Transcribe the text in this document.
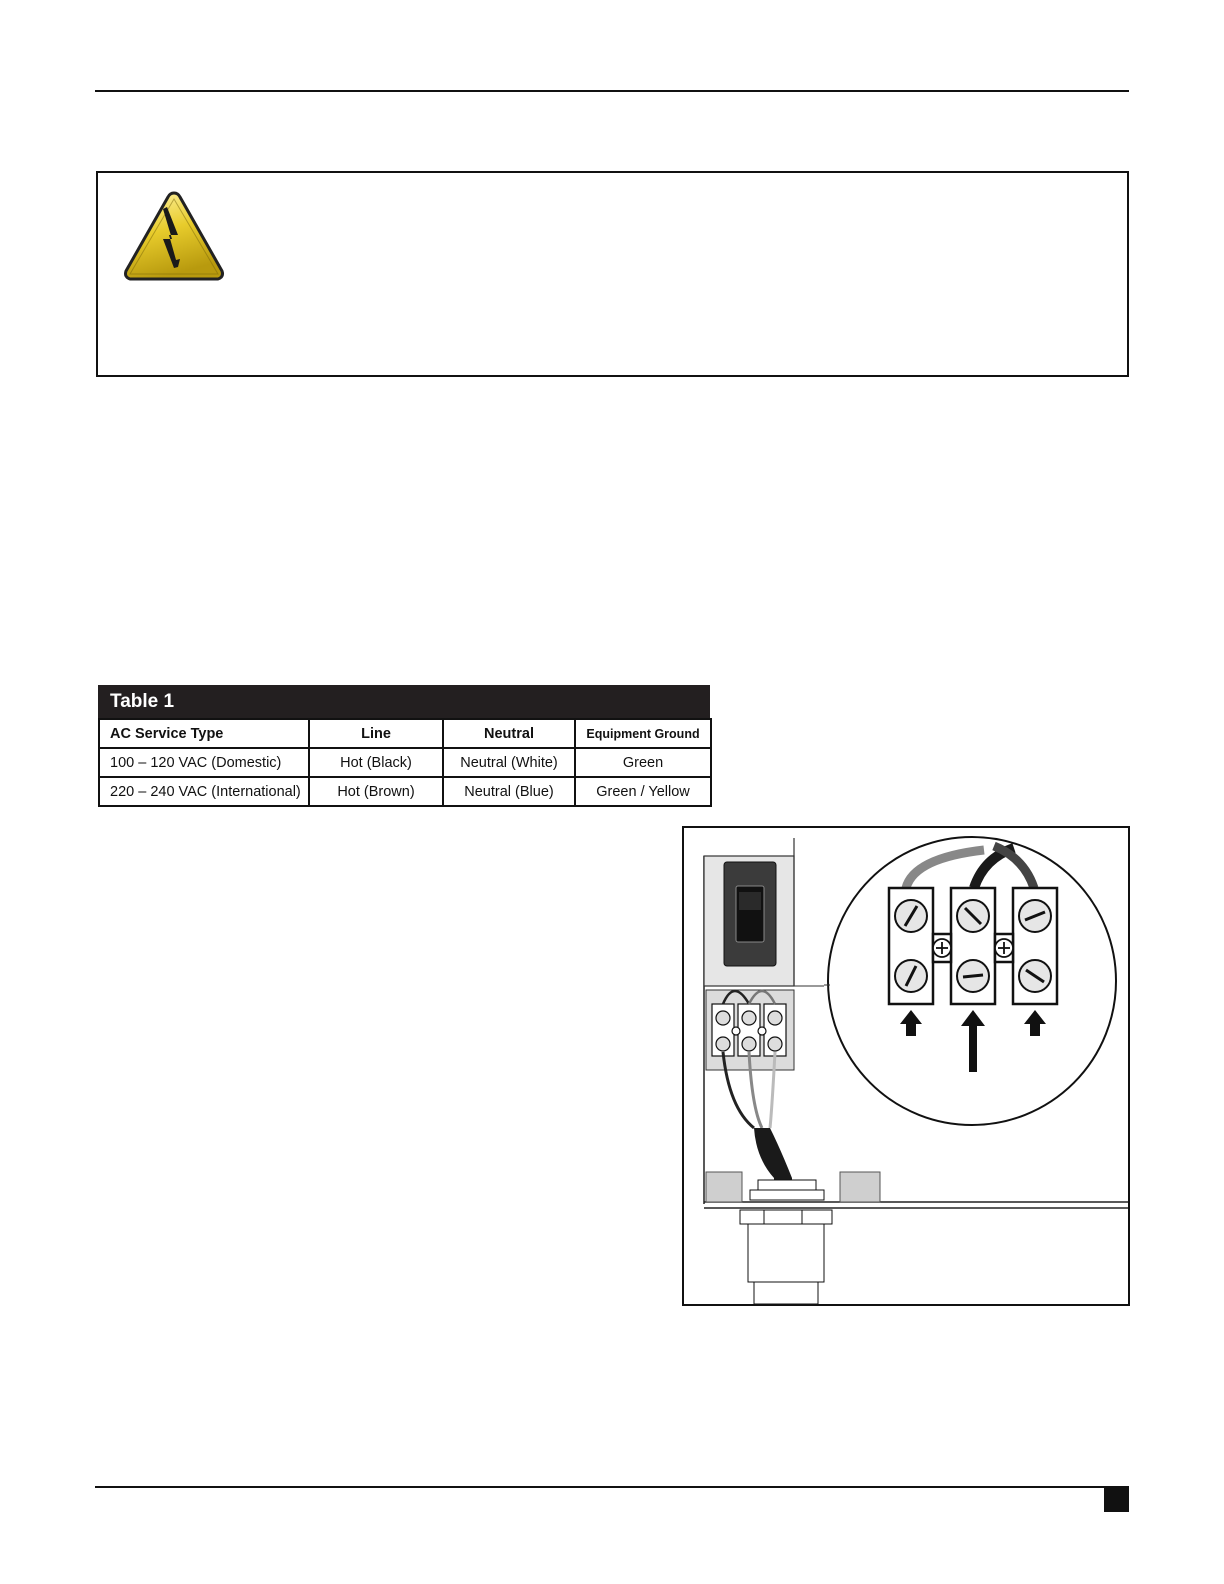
Table 1
AC Service Type	Line	Neutral	Equipment Ground
100 – 120 VAC (Domestic)	Hot (Black)	Neutral (White)	Green
220 – 240 VAC (International)	Hot (Brown)	Neutral (Blue)	Green / Yellow
